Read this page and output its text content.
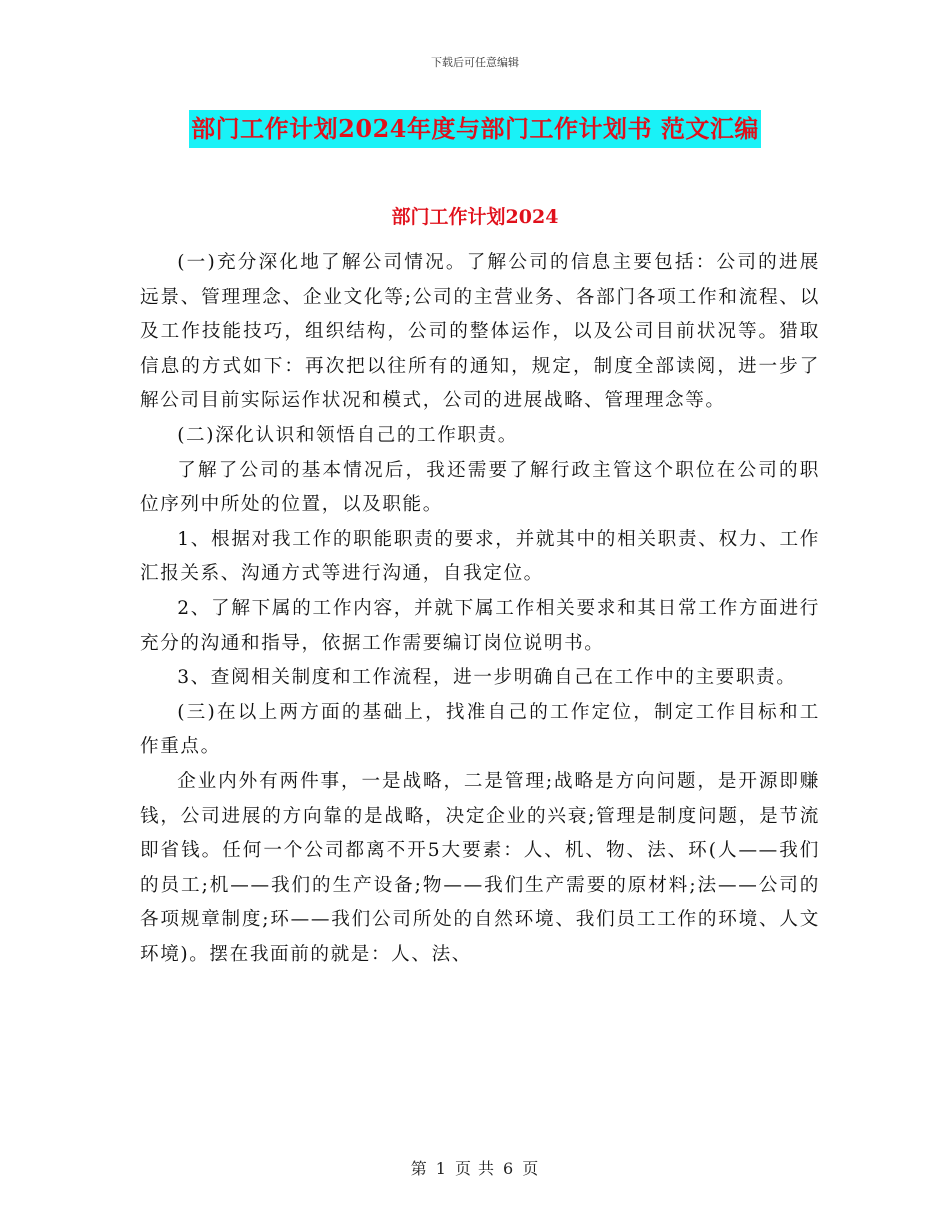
下载后可任意编辑
部门工作计划2024年度与部门工作计划书 范文汇编
部门工作计划2024

(一)充分深化地了解公司情况。了解公司的信息主要包括：公司的进展远景、管理理念、企业文化等;公司的主营业务、各部门各项工作和流程、以及工作技能技巧，组织结构，公司的整体运作，以及公司目前状况等。猎取信息的方式如下：再次把以往所有的通知，规定，制度全部读阅，进一步了解公司目前实际运作状况和模式，公司的进展战略、管理理念等。

(二)深化认识和领悟自己的工作职责。

了解了公司的基本情况后，我还需要了解行政主管这个职位在公司的职位序列中所处的位置，以及职能。

1、根据对我工作的职能职责的要求，并就其中的相关职责、权力、工作汇报关系、沟通方式等进行沟通，自我定位。

2、了解下属的工作内容，并就下属工作相关要求和其日常工作方面进行充分的沟通和指导，依据工作需要编订岗位说明书。

3、查阅相关制度和工作流程，进一步明确自己在工作中的主要职责。

(三)在以上两方面的基础上，找准自己的工作定位，制定工作目标和工作重点。

企业内外有两件事，一是战略，二是管理;战略是方向问题，是开源即赚钱，公司进展的方向靠的是战略，决定企业的兴衰;管理是制度问题，是节流即省钱。任何一个公司都离不开5大要素：人、机、物、法、环(人——我们的员工;机——我们的生产设备;物——我们生产需要的原材料;法——公司的各项规章制度;环——我们公司所处的自然环境、我们员工工作的环境、人文环境)。摆在我面前的就是：人、法、

第 1 页 共 6 页
